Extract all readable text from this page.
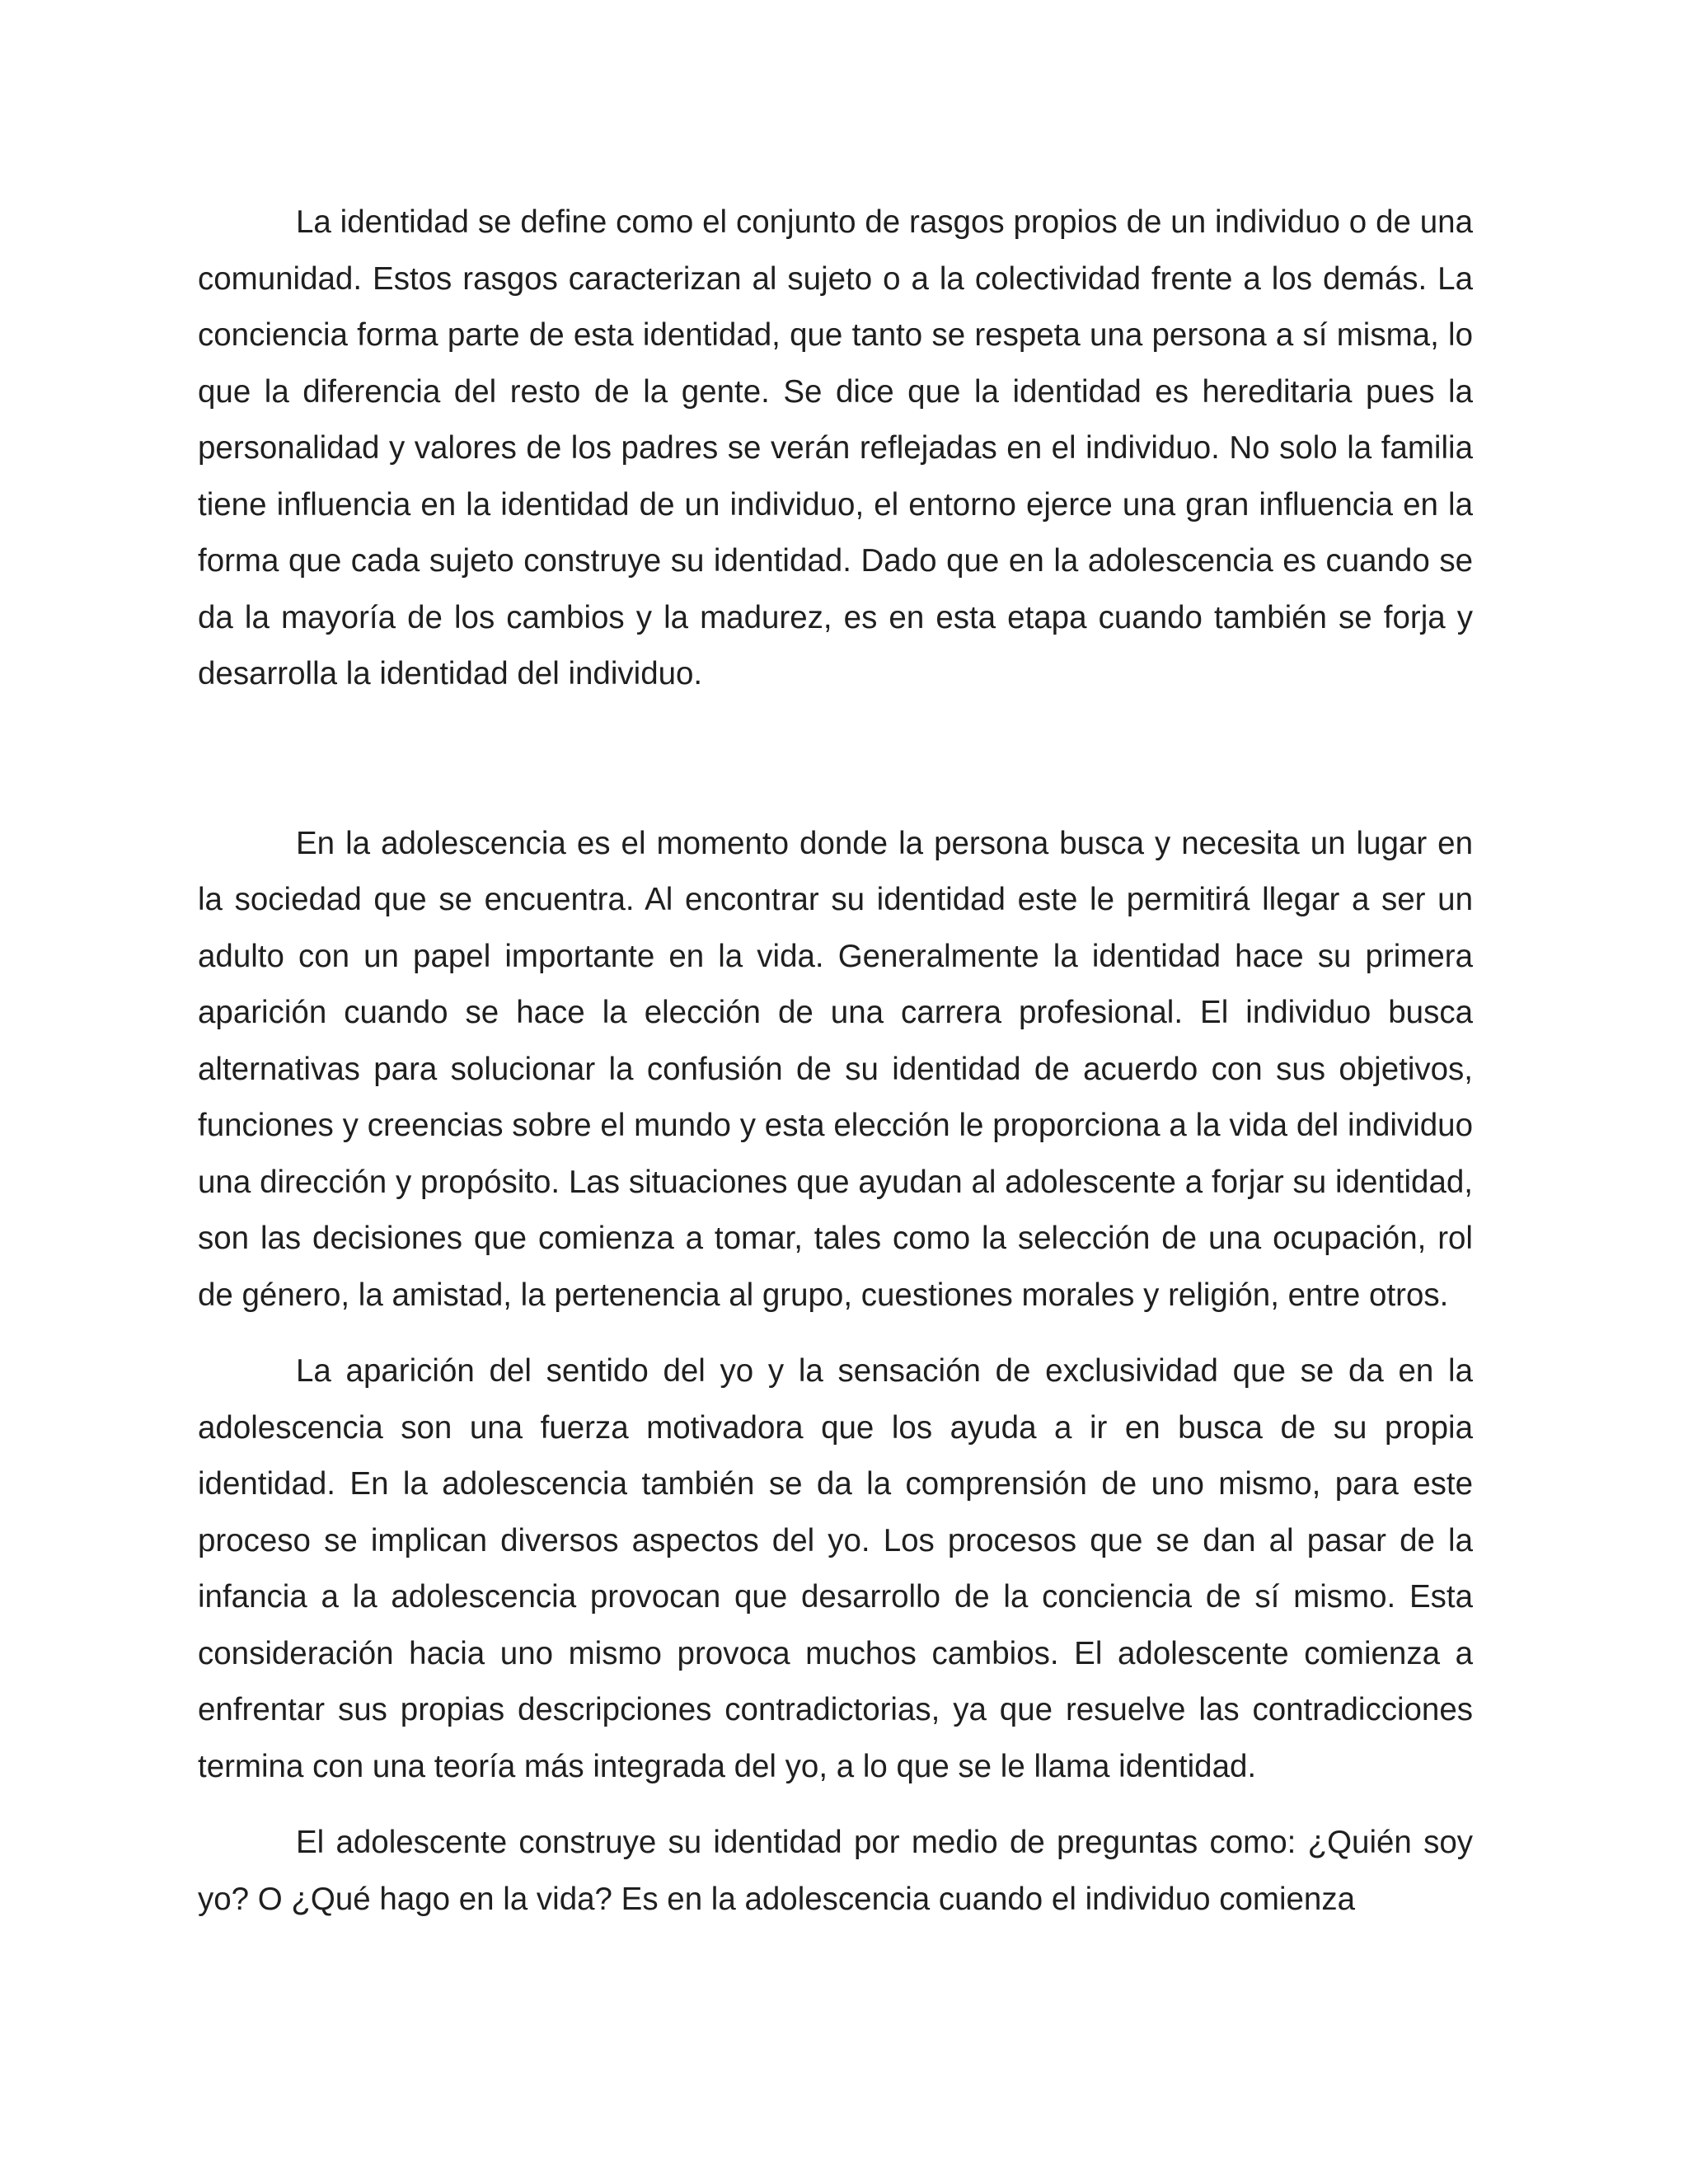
La identidad se define como el conjunto de rasgos propios de un individuo o de una comunidad. Estos rasgos caracterizan al sujeto o a la colectividad frente a los demás. La conciencia forma parte de esta identidad, que tanto se respeta una persona a sí misma, lo que la diferencia del resto de la gente. Se dice que la identidad es hereditaria pues la personalidad y valores de los padres se verán reflejadas en el individuo. No solo la familia tiene influencia en la identidad de un individuo, el entorno ejerce una gran influencia en la forma que cada sujeto construye su identidad. Dado que en la adolescencia es cuando se da la mayoría de los cambios y la madurez, es en esta etapa cuando también se forja y desarrolla la identidad del individuo.

En la adolescencia es el momento donde la persona busca y necesita un lugar en la sociedad que se encuentra. Al encontrar su identidad este le permitirá llegar a ser un adulto con un papel importante en la vida. Generalmente la identidad hace su primera aparición cuando se hace la elección de una carrera profesional. El individuo busca alternativas para solucionar la confusión de su identidad de acuerdo con sus objetivos, funciones y creencias sobre el mundo y esta elección le proporciona a la vida del individuo una dirección y propósito. Las situaciones que ayudan al adolescente a forjar su identidad, son las decisiones que comienza a tomar, tales como la selección de una ocupación, rol de género, la amistad, la pertenencia al grupo, cuestiones morales y religión, entre otros.

La aparición del sentido del yo y la sensación de exclusividad que se da en la adolescencia son una fuerza motivadora que los ayuda a ir en busca de su propia identidad. En la adolescencia también se da la comprensión de uno mismo, para este proceso se implican diversos aspectos del yo. Los procesos que se dan al pasar de la infancia a la adolescencia provocan que desarrollo de la conciencia de sí mismo. Esta consideración hacia uno mismo provoca muchos cambios. El adolescente comienza a enfrentar sus propias descripciones contradictorias, ya que resuelve las contradicciones termina con una teoría más integrada del yo, a lo que se le llama identidad.

El adolescente construye su identidad por medio de preguntas como: ¿Quién soy yo? O ¿Qué hago en la vida? Es en la adolescencia cuando el individuo comienza
